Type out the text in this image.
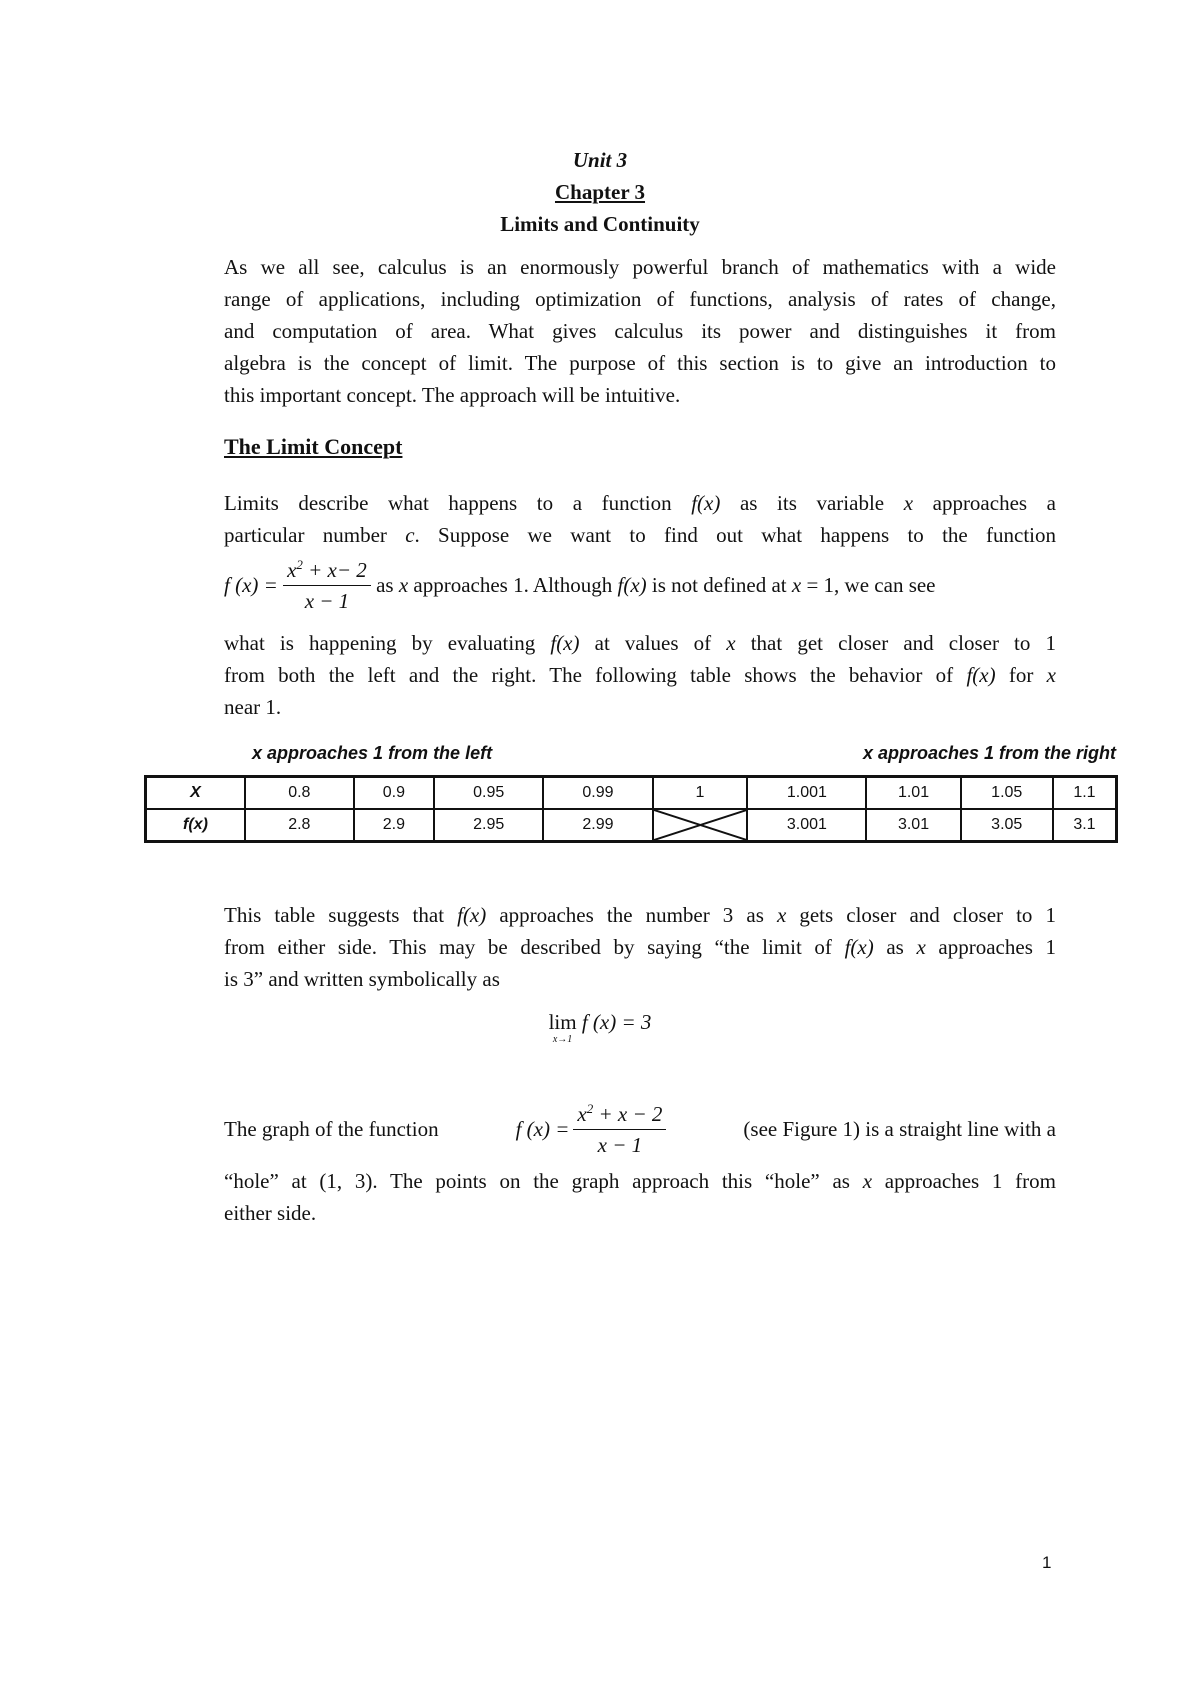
Unit 3
Chapter 3
Limits and Continuity
As we all see, calculus is an enormously powerful branch of mathematics with a wide
range of applications, including optimization of functions, analysis of rates of change,
and computation of area. What gives calculus its power and distinguishes it from
algebra is the concept of limit. The purpose of this section is to give an introduction to
this important concept. The approach will be intuitive.
The Limit Concept
Limits describe what happens to a function f(x) as its variable x approaches a
particular number c. Suppose we want to find out what happens to the function
f $(x) = \frac{x^2 + x- 2}{x - 1}$ as x approaches 1. Although f(x) is not defined at x = 1, we can see
what is happening by evaluating f(x) at values of x that get closer and closer to 1
from both the left and the right. The following table shows the behavior of f(x) for x
near 1.
x approaches 1 from the left	x approaches 1 from the right
X	0.8	0.9	0.95	0.99	1	1.001	1.01	1.05	1.1
f(x)	2.8	2.9	2.95	2.99		3.001	3.01	3.05	3.1
This table suggests that f(x) approaches the number 3 as x gets closer and closer to 1
from either side. This may be described by saying “the limit of f(x) as x approaches 1
is 3” and written symbolically as
lim
x→1
f (x) = 3
The graph of the function	f $(x) = \frac{x^2 + x - 2}{x - 1}$	(see Figure 1) is a straight line with a
“hole” at (1, 3). The points on the graph approach this “hole” as x approaches 1 from
either side.
1
